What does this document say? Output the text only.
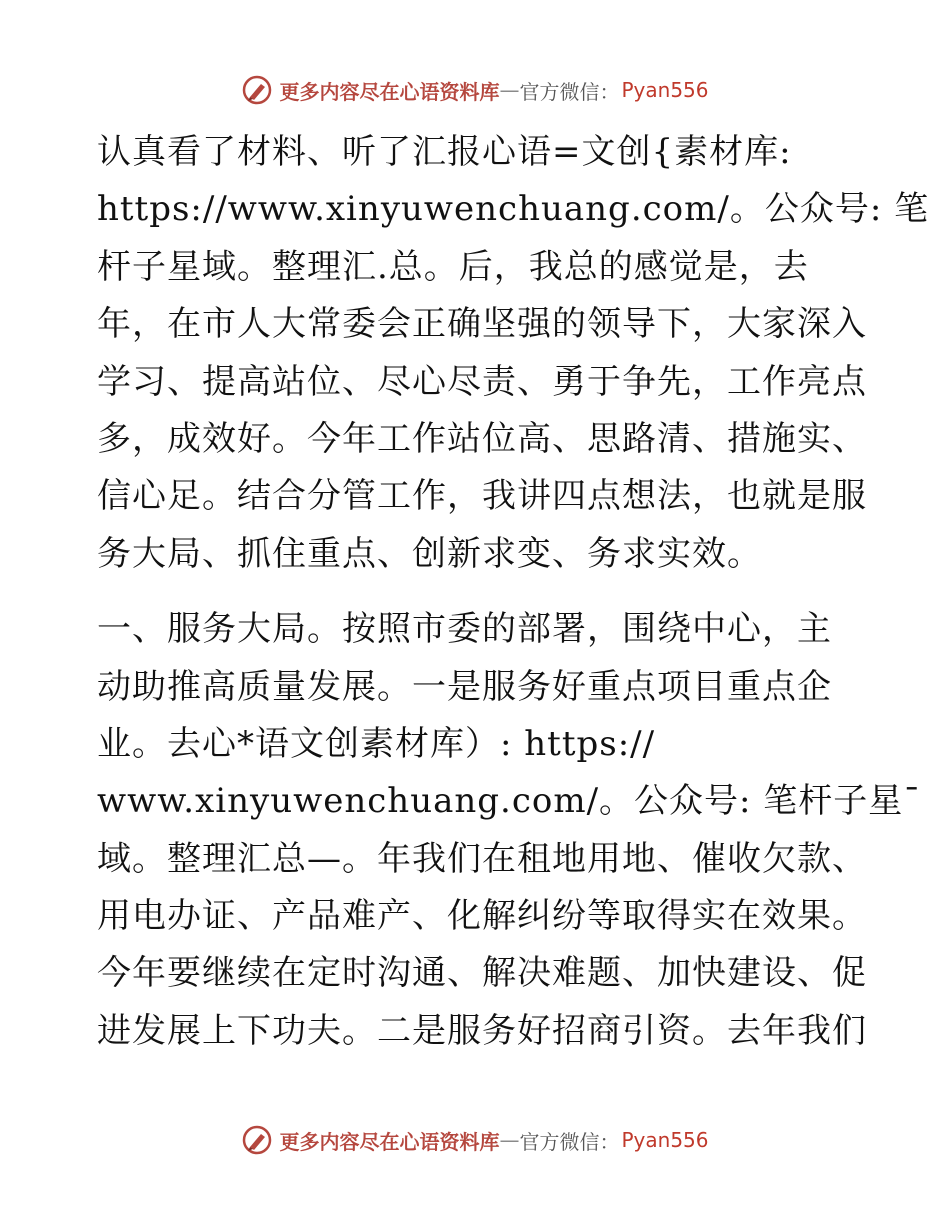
更多内容尽在心语资料库 — 官方微信： Pyan556
认真看了材料、听了汇报心语=文创{素材库:
https://www.xinyuwenchuang.com/。公众号: 笔
杆子星域。整理汇.总。后，我总的感觉是，去
年，在市人大常委会正确坚强的领导下，大家深入
学习、提高站位、尽心尽责、勇于争先，工作亮点
多，成效好。今年工作站位高、思路清、措施实、
信心足。结合分管工作，我讲四点想法，也就是服
务大局、抓住重点、创新求变、务求实效。
一、服务大局。按照市委的部署，围绕中心，主
动助推高质量发展。一是服务好重点项目重点企
业。去心*语文创素材库）: https://
www.xinyuwenchuang.com/。公众号: 笔杆子星¯
域。整理汇总—。年我们在租地用地、催收欠款、
用电办证、产品难产、化解纠纷等取得实在效果。
今年要继续在定时沟通、解决难题、加快建设、促
进发展上下功夫。二是服务好招商引资。去年我们
更多内容尽在心语资料库 — 官方微信： Pyan556
